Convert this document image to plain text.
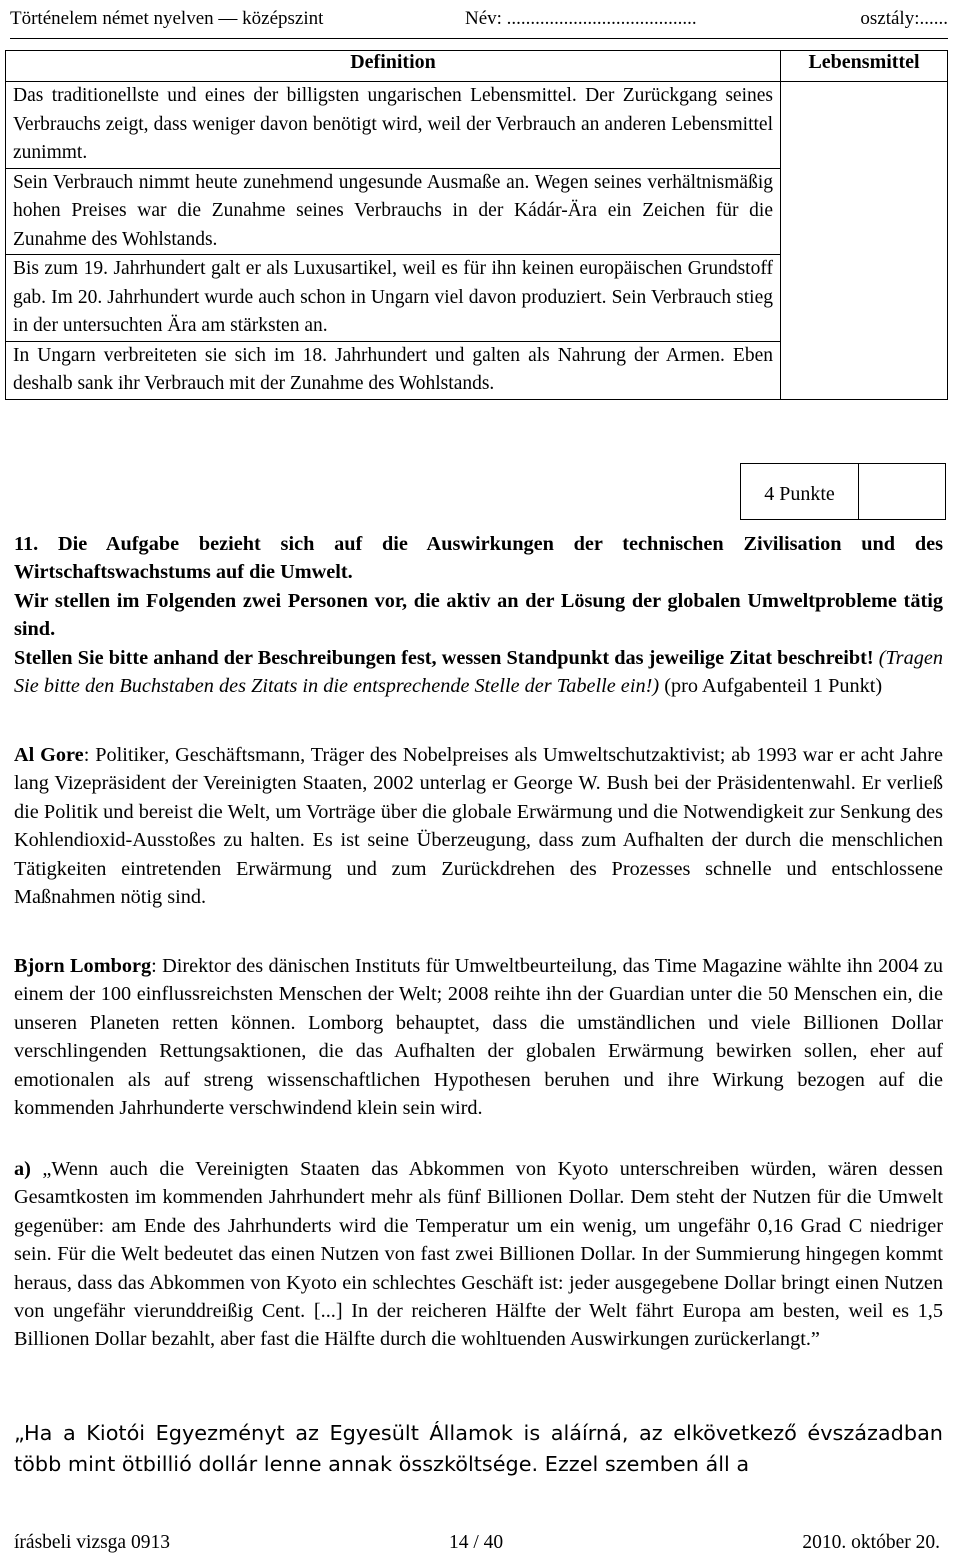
Történelem német nyelven — középszint	Név: ........................................	osztály:......
Definition	Lebensmittel

Das traditionellste und eines der billigsten ungarischen Lebensmittel. Der Zurückgang seines Verbrauchs zeigt, dass weniger davon benötigt wird, weil der Verbrauch an anderen Lebensmittel zunimmt.	

Sein Verbrauch nimmt heute zunehmend ungesunde Ausmaße an. Wegen seines verhältnismäßig hohen Preises war die Zunahme seines Verbrauchs in der Kádár-Ära ein Zeichen für die Zunahme des Wohlstands.	

Bis zum 19. Jahrhundert galt er als Luxusartikel, weil es für ihn keinen europäischen Grundstoff gab. Im 20. Jahrhundert wurde auch schon in Ungarn viel davon produziert. Sein Verbrauch stieg in der untersuchten Ära am stärksten an.	

In Ungarn verbreiteten sie sich im 18. Jahrhundert und galten als Nahrung der Armen. Eben deshalb sank ihr Verbrauch mit der Zunahme des Wohlstands.	

4 Punkte	

11. Die Aufgabe bezieht sich auf die Auswirkungen der technischen Zivilisation und des Wirtschaftswachstums auf die Umwelt.

Wir stellen im Folgenden zwei Personen vor, die aktiv an der Lösung der globalen Umweltprobleme tätig sind.

Stellen Sie bitte anhand der Beschreibungen fest, wessen Standpunkt das jeweilige Zitat beschreibt! (Tragen Sie bitte den Buchstaben des Zitats in die entsprechende Stelle der Tabelle ein!) (pro Aufgabenteil 1 Punkt)

Al Gore: Politiker, Geschäftsmann, Träger des Nobelpreises als Umweltschutzaktivist; ab 1993 war er acht Jahre lang Vizepräsident der Vereinigten Staaten, 2002 unterlag er George W. Bush bei der Präsidentenwahl. Er verließ die Politik und bereist die Welt, um Vorträge über die globale Erwärmung und die Notwendigkeit zur Senkung des Kohlendioxid-Ausstoßes zu halten. Es ist seine Überzeugung, dass zum Aufhalten der durch die menschlichen Tätigkeiten eintretenden Erwärmung und zum Zurückdrehen des Prozesses schnelle und entschlossene Maßnahmen nötig sind.

Bjorn Lomborg: Direktor des dänischen Instituts für Umweltbeurteilung, das Time Magazine wählte ihn 2004 zu einem der 100 einflussreichsten Menschen der Welt; 2008 reihte ihn der Guardian unter die 50 Menschen ein, die unseren Planeten retten können. Lomborg behauptet, dass die umständlichen und viele Billionen Dollar verschlingenden Rettungsaktionen, die das Aufhalten der globalen Erwärmung bewirken sollen, eher auf emotionalen als auf streng wissenschaftlichen Hypothesen beruhen und ihre Wirkung bezogen auf die kommenden Jahrhunderte verschwindend klein sein wird.

a) „Wenn auch die Vereinigten Staaten das Abkommen von Kyoto unterschreiben würden, wären dessen Gesamtkosten im kommenden Jahrhundert mehr als fünf Billionen Dollar. Dem steht der Nutzen für die Umwelt gegenüber: am Ende des Jahrhunderts wird die Temperatur um ein wenig, um ungefähr 0,16 Grad C niedriger sein. Für die Welt bedeutet das einen Nutzen von fast zwei Billionen Dollar. In der Summierung hingegen kommt heraus, dass das Abkommen von Kyoto ein schlechtes Geschäft ist: jeder ausgegebene Dollar bringt einen Nutzen von ungefähr vierunddreißig Cent. [...] In der reicheren Hälfte der Welt fährt Europa am besten, weil es 1,5 Billionen Dollar bezahlt, aber fast die Hälfte durch die wohltuenden Auswirkungen zurückerlangt.”

„Ha a Kiotói Egyezményt az Egyesült Államok is aláírná, az elkövetkező évszázadban több mint ötbillió dollár lenne annak összköltsége. Ezzel szemben áll a

írásbeli vizsga 0913	14 / 40	2010. október 20.
